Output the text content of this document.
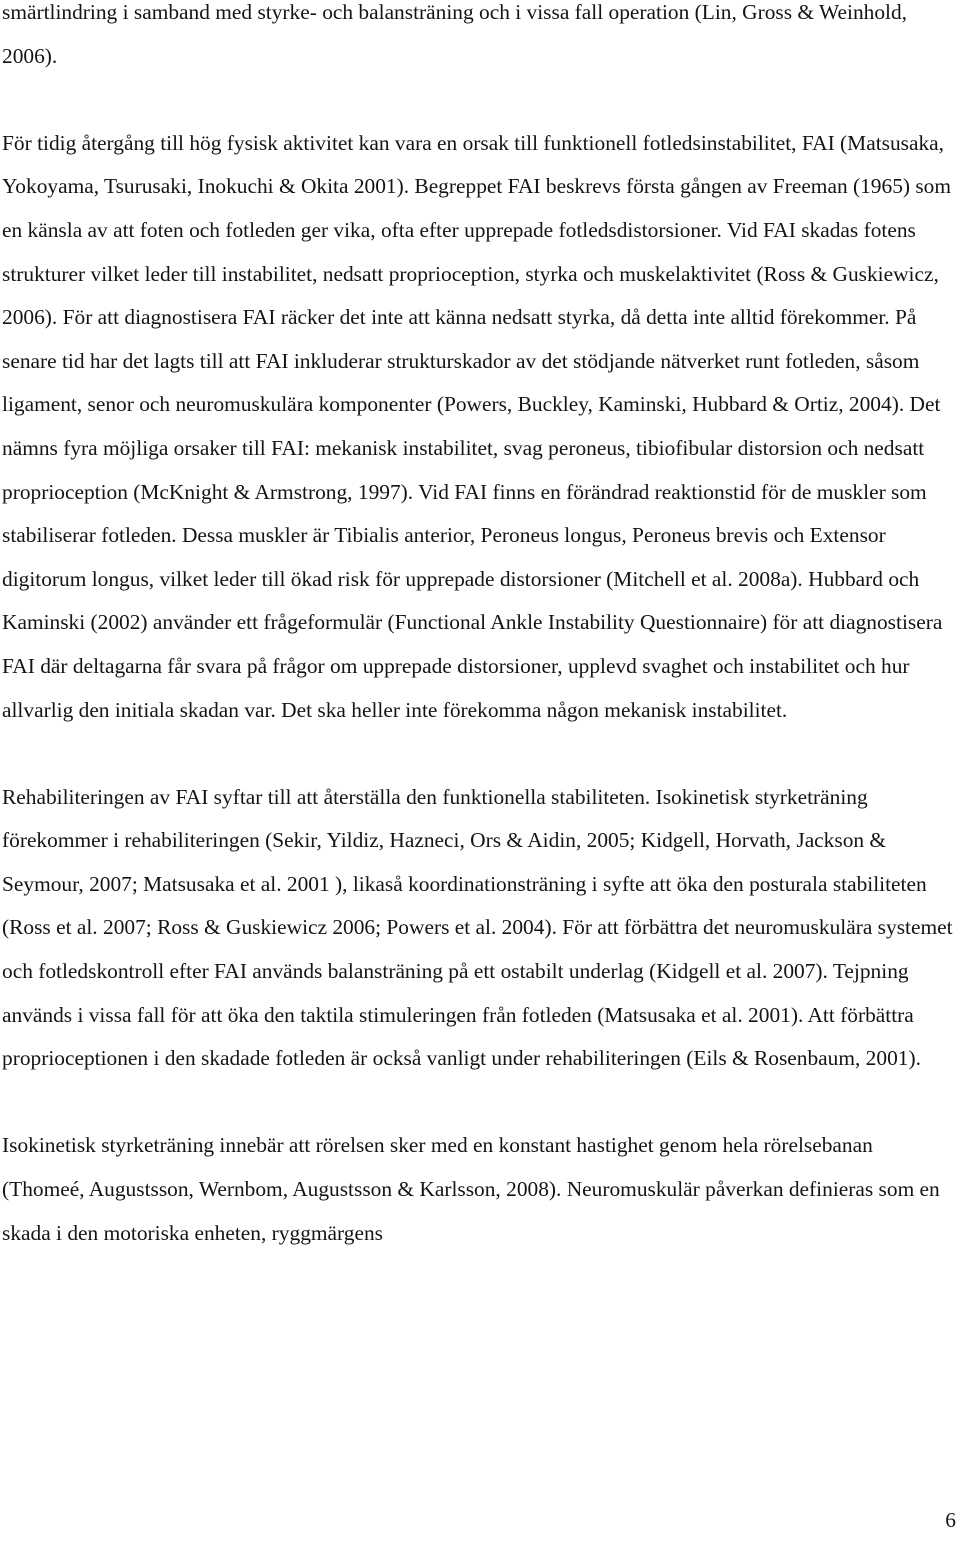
smärtlindring i samband med styrke- och balansträning och i vissa fall operation (Lin, Gross & Weinhold, 2006).

För tidig återgång till hög fysisk aktivitet kan vara en orsak till funktionell fotledsinstabilitet, FAI (Matsusaka, Yokoyama, Tsurusaki, Inokuchi & Okita 2001). Begreppet FAI beskrevs första gången av Freeman (1965) som en känsla av att foten och fotleden ger vika, ofta efter upprepade fotledsdistorsioner. Vid FAI skadas fotens strukturer vilket leder till instabilitet, nedsatt proprioception, styrka och muskelaktivitet (Ross & Guskiewicz, 2006). För att diagnostisera FAI räcker det inte att känna nedsatt styrka, då detta inte alltid förekommer. På senare tid har det lagts till att FAI inkluderar strukturskador av det stödjande nätverket runt fotleden, såsom ligament, senor och neuromuskulära komponenter (Powers, Buckley, Kaminski, Hubbard & Ortiz, 2004). Det nämns fyra möjliga orsaker till FAI: mekanisk instabilitet, svag peroneus, tibiofibular distorsion och nedsatt proprioception (McKnight & Armstrong, 1997). Vid FAI finns en förändrad reaktionstid för de muskler som stabiliserar fotleden. Dessa muskler är Tibialis anterior, Peroneus longus, Peroneus brevis och Extensor digitorum longus, vilket leder till ökad risk för upprepade distorsioner (Mitchell et al. 2008a). Hubbard och Kaminski (2002) använder ett frågeformulär (Functional Ankle Instability Questionnaire) för att diagnostisera FAI där deltagarna får svara på frågor om upprepade distorsioner, upplevd svaghet och instabilitet och hur allvarlig den initiala skadan var. Det ska heller inte förekomma någon mekanisk instabilitet.

Rehabiliteringen av FAI syftar till att återställa den funktionella stabiliteten. Isokinetisk styrketräning förekommer i rehabiliteringen (Sekir, Yildiz, Hazneci, Ors & Aidin, 2005; Kidgell, Horvath, Jackson & Seymour, 2007; Matsusaka et al. 2001 ), likaså koordinationsträning i syfte att öka den posturala stabiliteten (Ross et al. 2007; Ross & Guskiewicz 2006; Powers et al. 2004). För att förbättra det neuromuskulära systemet och fotledskontroll efter FAI används balansträning på ett ostabilt underlag (Kidgell et al. 2007). Tejpning används i vissa fall för att öka den taktila stimuleringen från fotleden (Matsusaka et al. 2001). Att förbättra proprioceptionen i den skadade fotleden är också vanligt under rehabiliteringen (Eils & Rosenbaum, 2001).

Isokinetisk styrketräning innebär att rörelsen sker med en konstant hastighet genom hela rörelsebanan (Thomeé, Augustsson, Wernbom, Augustsson & Karlsson, 2008). Neuromuskulär påverkan definieras som en skada i den motoriska enheten, ryggmärgens

6
